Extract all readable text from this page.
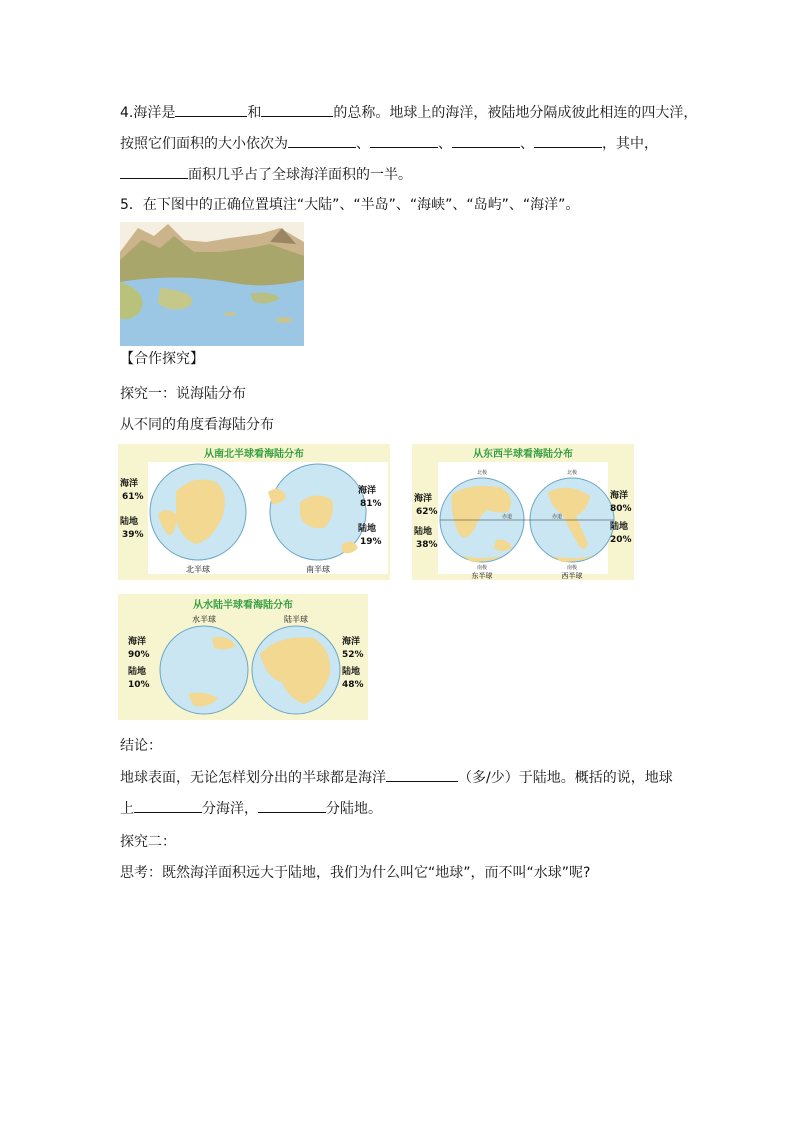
4.海洋是	和	的总称。地球上的海洋，被陆地分隔成彼此相连的四大洋，
按照它们面积的大小依次为	、	、	、	，其中，
面积几乎占了全球海洋面积的一半。
5．在下图中的正确位置填注“大陆”、“半岛”、“海峡”、“岛屿”、“海洋”。
【合作探究】
探究一：说海陆分布
从不同的角度看海陆分布
从南北半球看海陆分布
海洋
61%
陆地
39%
海洋
81%
陆地
19%
北半球	南半球
从东西半球看海陆分布
北极	北极
南极	南极
赤道	赤道
海洋
62%
陆地
38%
海洋
80%
陆地
20%
东半球	西半球
从水陆半球看海陆分布
水半球	陆半球
海洋
90%
陆地
10%
海洋
52%
陆地
48%
结论：
地球表面，无论怎样划分出的半球都是海洋	（多/少）于陆地。概括的说，地球
上	分海洋，	分陆地。
探究二：
思考：既然海洋面积远大于陆地，我们为什么叫它“地球”，而不叫“水球”呢?
